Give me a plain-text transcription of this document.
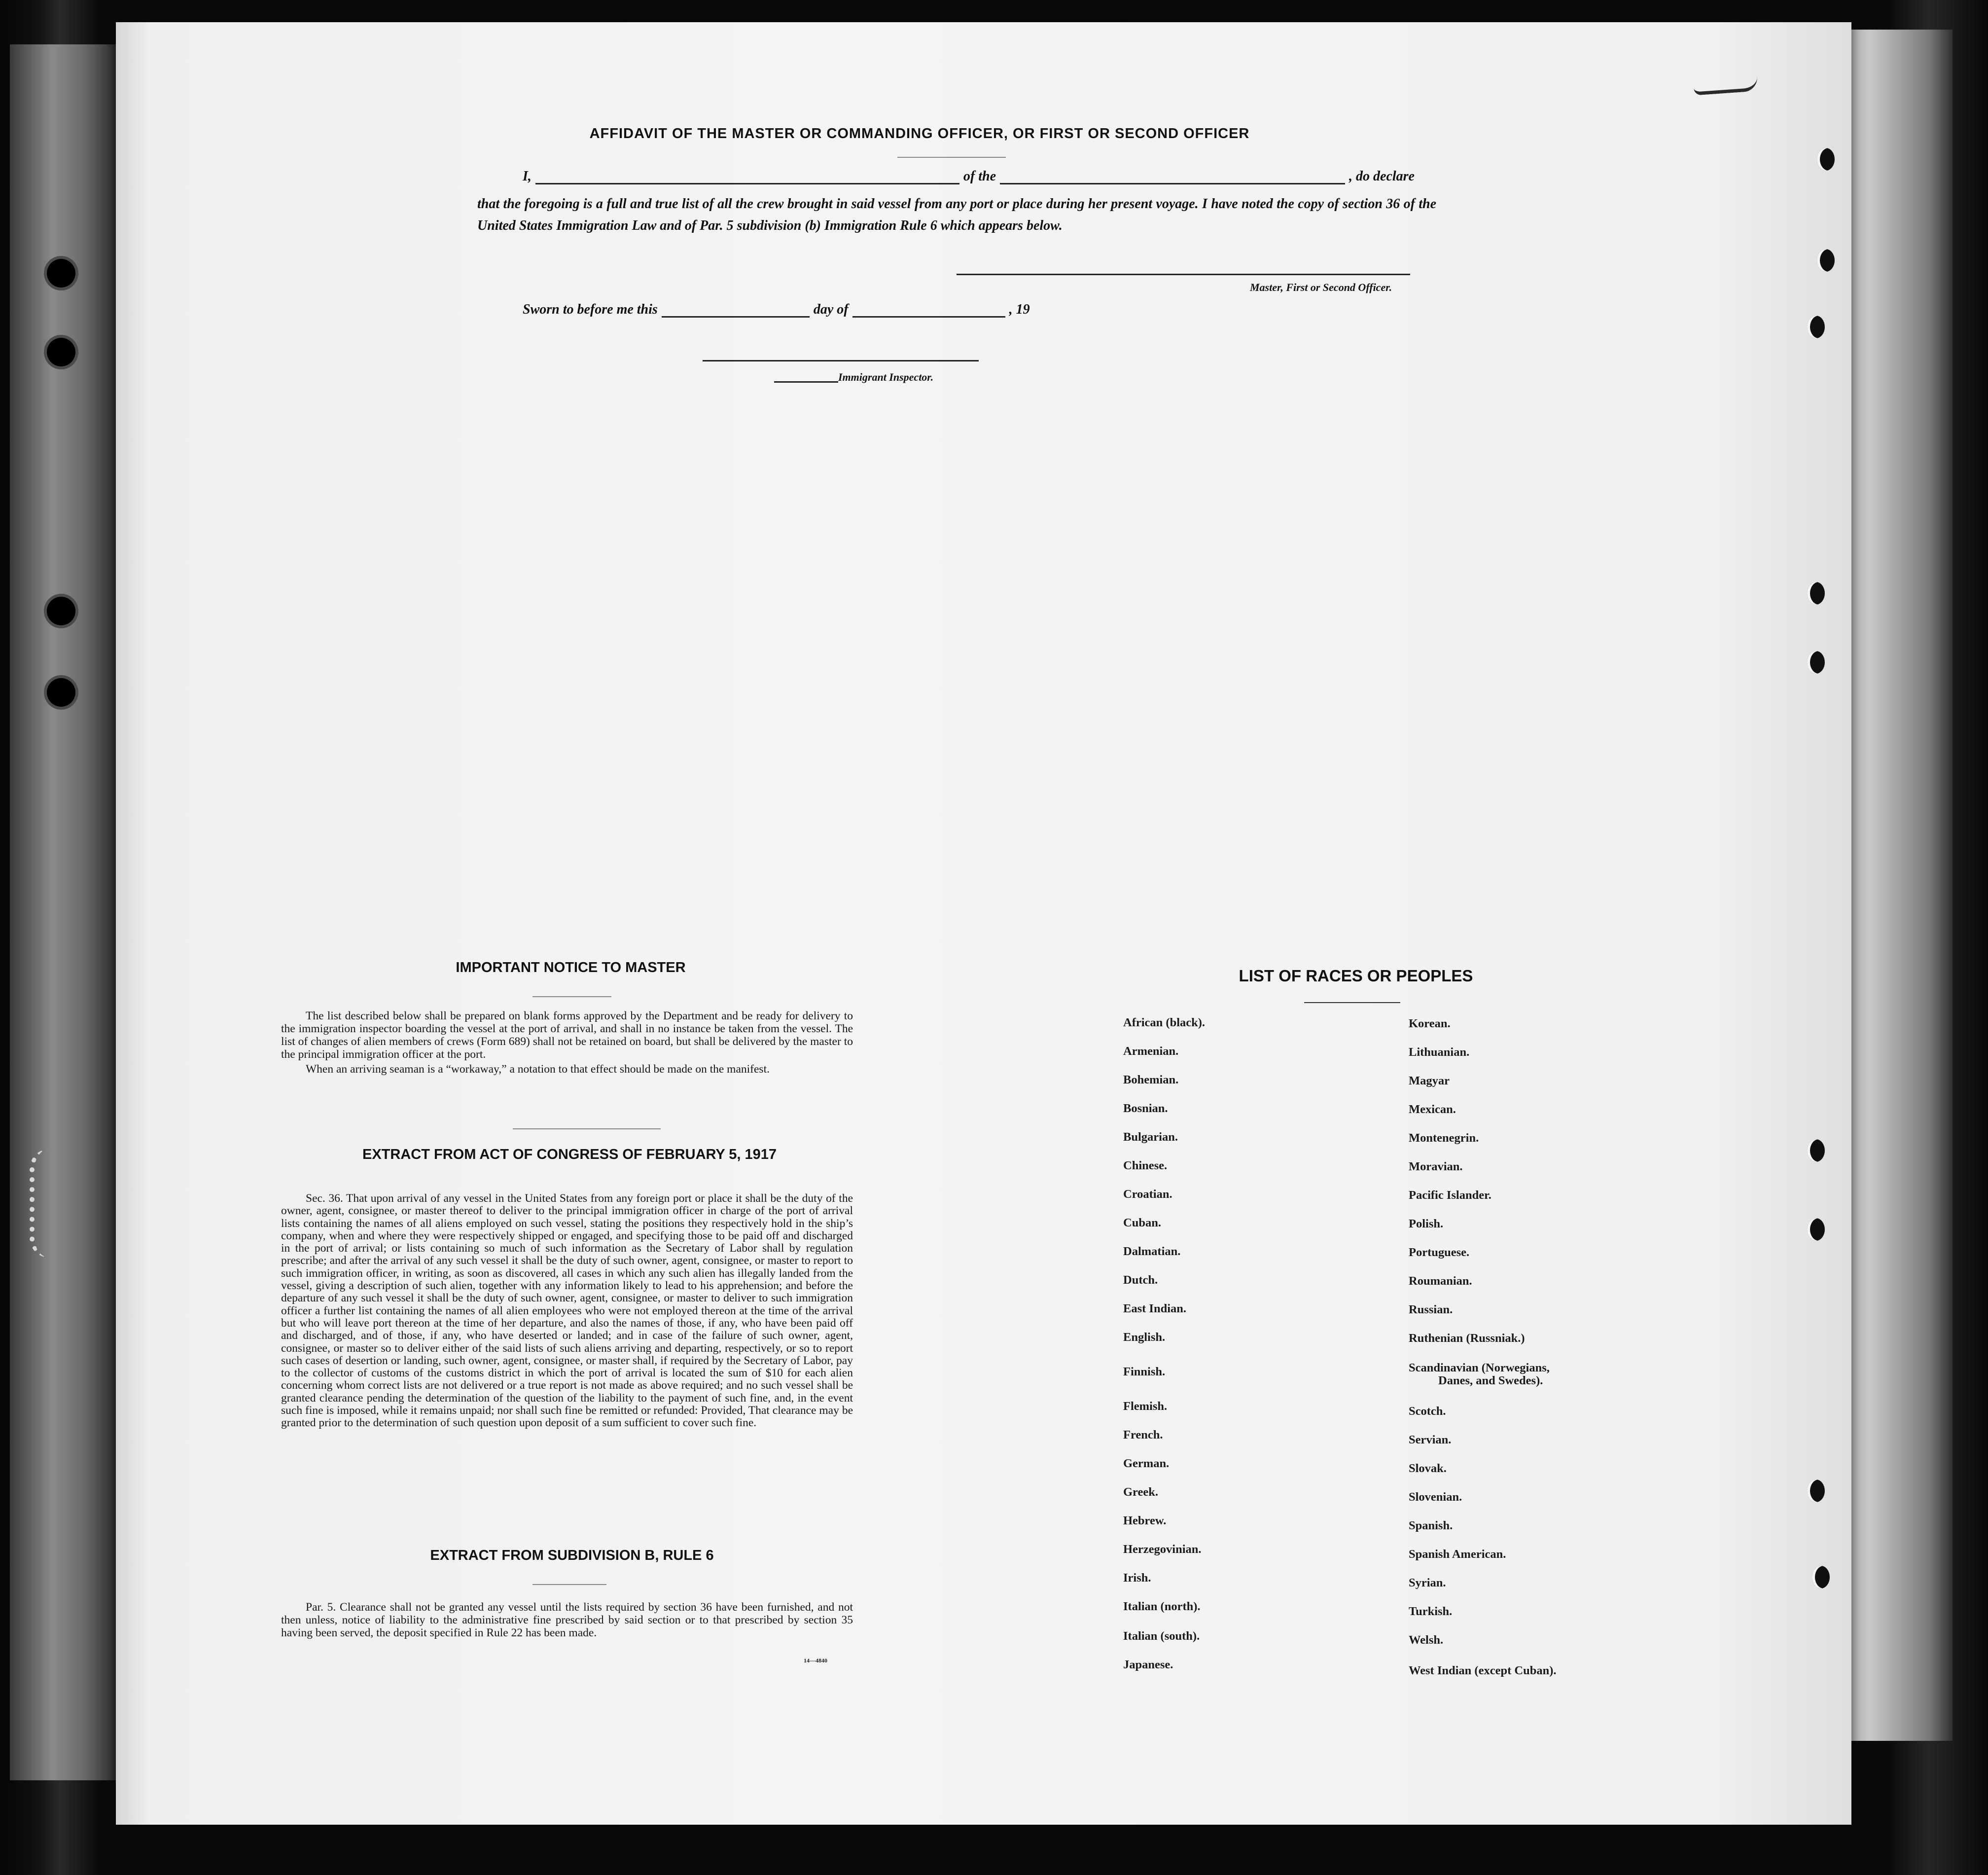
AFFIDAVIT OF THE MASTER OR COMMANDING OFFICER, OR FIRST OR SECOND OFFICER
I,	of the	, do declare
that the foregoing is a full and true list of all the crew brought in said vessel from any port or place during her present voyage. I have noted the copy of section 36 of the United States Immigration Law and of Par. 5 subdivision (b) Immigration Rule 6 which appears below.
Master, First or Second Officer.
Sworn to before me this	day of	, 19
Immigrant Inspector.
IMPORTANT NOTICE TO MASTER

The list described below shall be prepared on blank forms approved by the Department and be ready for delivery to the immigration inspector boarding the vessel at the port of arrival, and shall in no instance be taken from the vessel. The list of changes of alien members of crews (Form 689) shall not be retained on board, but shall be delivered by the master to the principal immigration officer at the port.

When an arriving seaman is a “workaway,” a notation to that effect should be made on the manifest.

EXTRACT FROM ACT OF CONGRESS OF FEBRUARY 5, 1917

Sec. 36. That upon arrival of any vessel in the United States from any foreign port or place it shall be the duty of the owner, agent, consignee, or master thereof to deliver to the principal immigration officer in charge of the port of arrival lists containing the names of all aliens employed on such vessel, stating the positions they respectively hold in the ship’s company, when and where they were respectively shipped or engaged, and specifying those to be paid off and discharged in the port of arrival; or lists containing so much of such information as the Secretary of Labor shall by regulation prescribe; and after the arrival of any such vessel it shall be the duty of such owner, agent, consignee, or master to report to such immigration officer, in writing, as soon as discovered, all cases in which any such alien has illegally landed from the vessel, giving a description of such alien, together with any information likely to lead to his apprehension; and before the departure of any such vessel it shall be the duty of such owner, agent, consignee, or master to deliver to such immigration officer a further list containing the names of all alien employees who were not employed thereon at the time of the arrival but who will leave port thereon at the time of her departure, and also the names of those, if any, who have been paid off and discharged, and of those, if any, who have deserted or landed; and in case of the failure of such owner, agent, consignee, or master so to deliver either of the said lists of such aliens arriving and departing, respectively, or so to report such cases of desertion or landing, such owner, agent, consignee, or master shall, if required by the Secretary of Labor, pay to the collector of customs of the customs district in which the port of arrival is located the sum of $10 for each alien concerning whom correct lists are not delivered or a true report is not made as above required; and no such vessel shall be granted clearance pending the determination of the question of the liability to the payment of such fine, and, in the event such fine is imposed, while it remains unpaid; nor shall such fine be remitted or refunded: Provided, That clearance may be granted prior to the determination of such question upon deposit of a sum sufficient to cover such fine.

EXTRACT FROM SUBDIVISION B, RULE 6

Par. 5. Clearance shall not be granted any vessel until the lists required by section 36 have been furnished, and not then unless, notice of liability to the administrative fine prescribed by said section or to that prescribed by section 35 having been served, the deposit specified in Rule 22 has been made.

14—4840
LIST OF RACES OR PEOPLES
African (black).
Armenian.
Bohemian.
Bosnian.
Bulgarian.
Chinese.
Croatian.
Cuban.
Dalmatian.
Dutch.
East Indian.
English.
Finnish.
Flemish.
French.
German.
Greek.
Hebrew.
Herzegovinian.
Irish.
Italian (north).
Italian (south).
Japanese.
Korean.
Lithuanian.
Magyar
Mexican.
Montenegrin.
Moravian.
Pacific Islander.
Polish.
Portuguese.
Roumanian.
Russian.
Ruthenian (Russniak.)
Scandinavian (Norwegians,
Danes, and Swedes).
Scotch.
Servian.
Slovak.
Slovenian.
Spanish.
Spanish American.
Syrian.
Turkish.
Welsh.
West Indian (except Cuban).
